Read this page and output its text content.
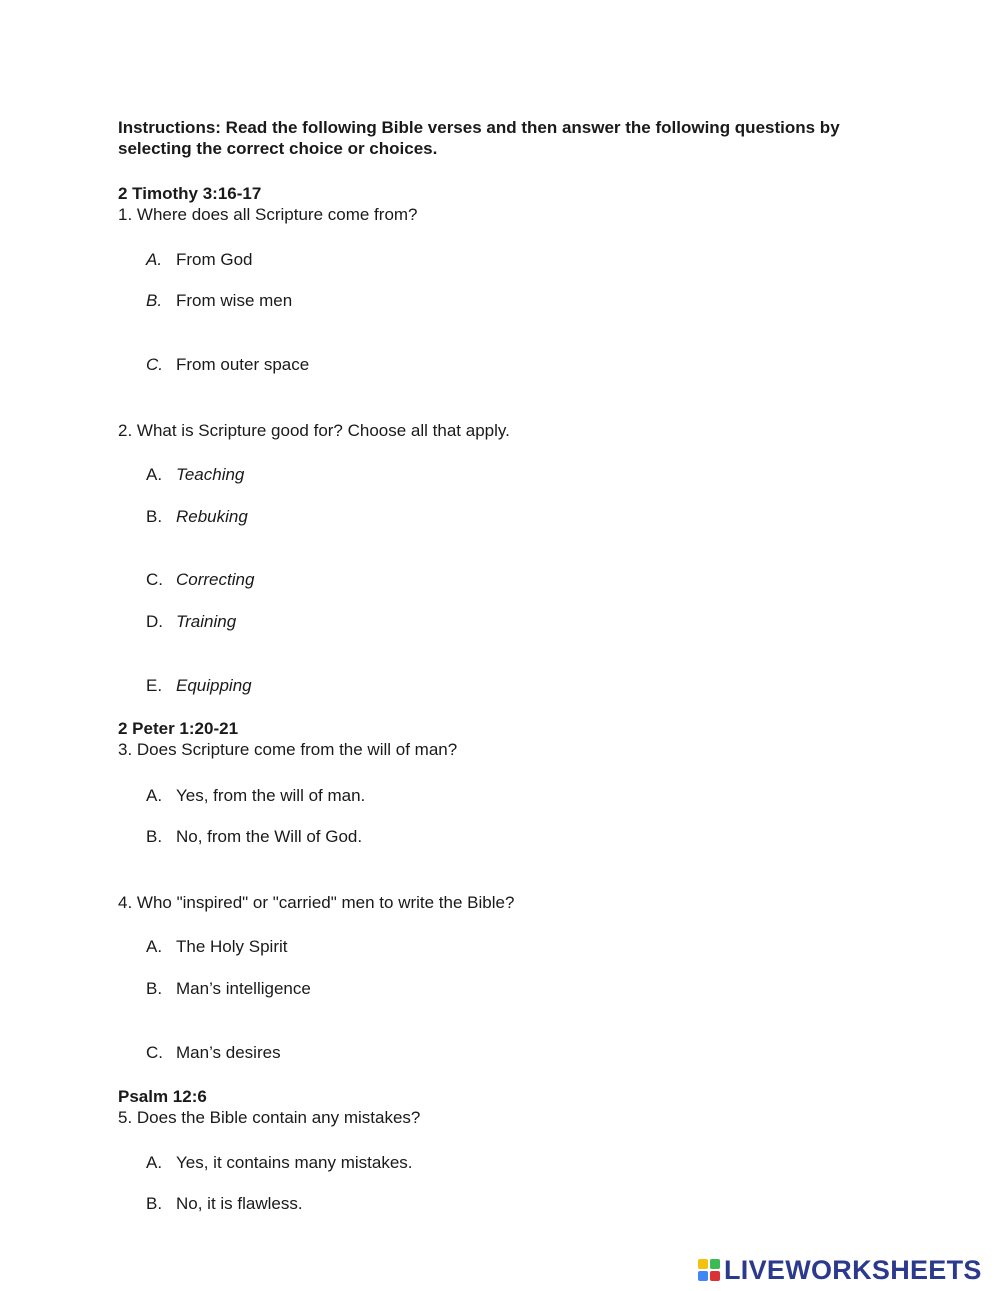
Instructions: Read the following Bible verses and then answer the following questions by selecting the correct choice or choices.
2 Timothy 3:16-17
1. Where does all Scripture come from?
A. From God
B. From wise men
C. From outer space
2. What is Scripture good for? Choose all that apply.
A. Teaching
B. Rebuking
C. Correcting
D. Training
E. Equipping
2 Peter 1:20-21
3. Does Scripture come from the will of man?
A. Yes, from the will of man.
B. No, from the Will of God.
4. Who "inspired" or "carried" men to write the Bible?
A. The Holy Spirit
B. Man’s intelligence
C. Man’s desires
Psalm 12:6
5. Does the Bible contain any mistakes?
A. Yes, it contains many mistakes.
B. No, it is flawless.
LIVEWORKSHEETS
